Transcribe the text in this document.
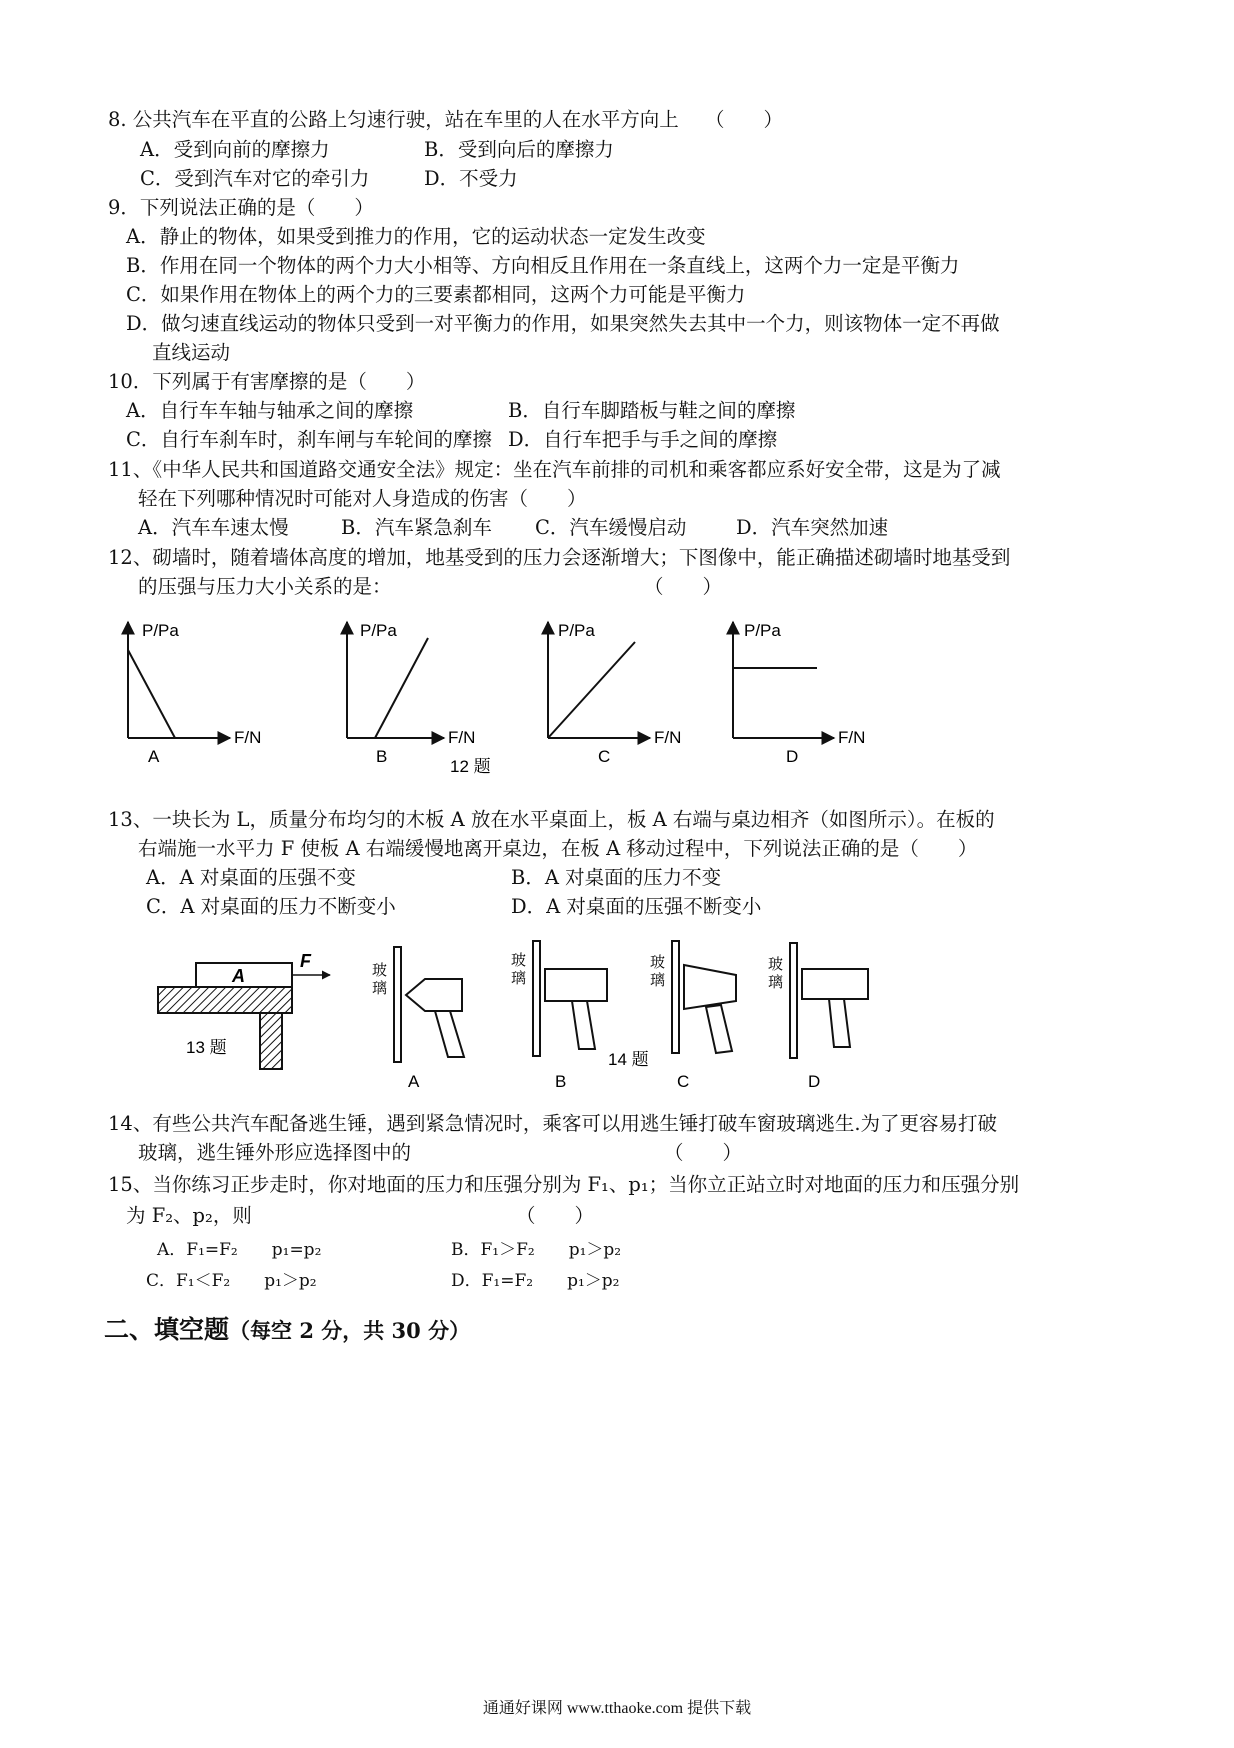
8. 公共汽车在平直的公路上匀速行驶，站在车里的人在水平方向上 （　　）
A．受到向前的摩擦力	B．受到向后的摩擦力
C．受到汽车对它的牵引力	D．不受力
9．下列说法正确的是（　　）
A．静止的物体，如果受到推力的作用，它的运动状态一定发生改变
B．作用在同一个物体的两个力大小相等、方向相反且作用在一条直线上，这两个力一定是平衡力
C．如果作用在物体上的两个力的三要素都相同，这两个力可能是平衡力
D．做匀速直线运动的物体只受到一对平衡力的作用，如果突然失去其中一个力，则该物体一定不再做
直线运动
10．下列属于有害摩擦的是（　　）
A．自行车车轴与轴承之间的摩擦	B．自行车脚踏板与鞋之间的摩擦
C．自行车刹车时，刹车闸与车轮间的摩擦 D．自行车把手与手之间的摩擦
11、《中华人民共和国道路交通安全法》规定：坐在汽车前排的司机和乘客都应系好安全带，这是为了减
轻在下列哪种情况时可能对人身造成的伤害（　　）
A．汽车车速太慢	B．汽车紧急刹车 C．汽车缓慢启动	D．汽车突然加速
12、砌墙时，随着墙体高度的增加，地基受到的压力会逐渐增大；下图像中，能正确描述砌墙时地基受到
的压强与压力大小关系的是：	（　　）
P/Pa
F/N
A
P/Pa
F/N
B
12 题
P/Pa
F/N
C
P/Pa
F/N
D
13、一块长为 L，质量分布均匀的木板 A 放在水平桌面上，板 A 右端与桌边相齐（如图所示）。在板的
右端施一水平力 F 使板 A 右端缓慢地离开桌边，在板 A 移动过程中，下列说法正确的是（　　）
A．A 对桌面的压强不变	B．A 对桌面的压力不变
C．A 对桌面的压力不断变小	D．A 对桌面的压强不断变小
A
F
13 题
玻
璃
A
玻
璃
B
14 题
玻
璃
C
玻
璃
D
14、有些公共汽车配备逃生锤，遇到紧急情况时，乘客可以用逃生锤打破车窗玻璃逃生.为了更容易打破
玻璃，逃生锤外形应选择图中的	（　　）
15、当你练习正步走时，你对地面的压力和压强分别为 F₁、p₁；当你立正站立时对地面的压力和压强分别
为 F₂、p₂，则	（　　）
A．F₁=F₂　　p₁=p₂	B．F₁＞F₂　　p₁＞p₂
C．F₁＜F₂　　p₁＞p₂	D．F₁=F₂　　p₁＞p₂
二、填空题（每空 2 分，共 30 分）
通通好课网 www.tthaoke.com 提供下载
